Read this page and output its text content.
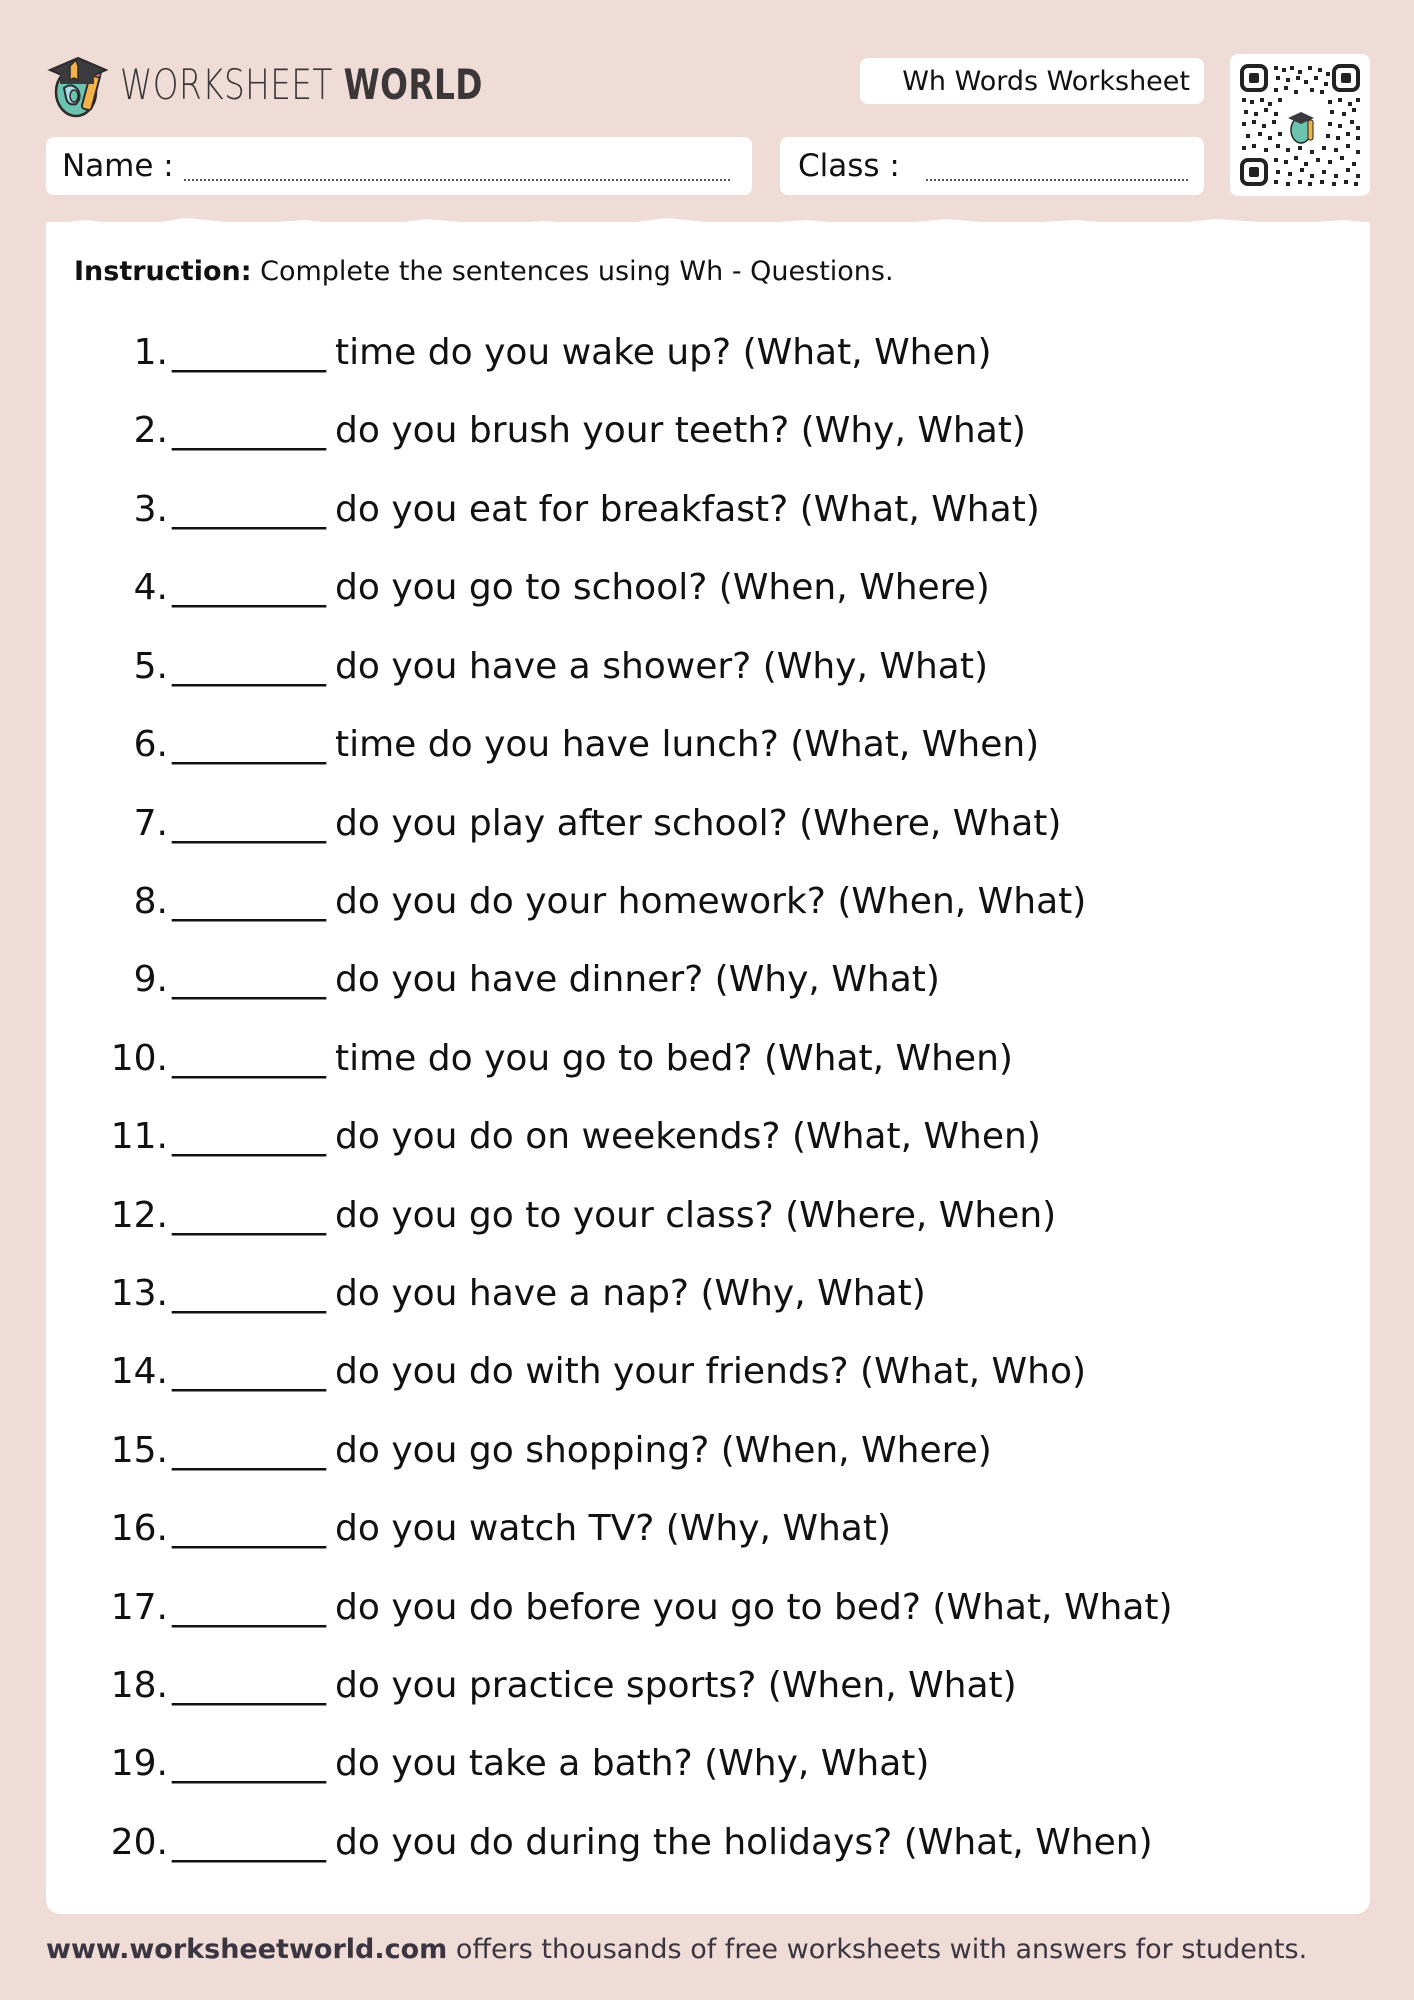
WORKSHEET WORLD	Wh Words Worksheet
Name :	Class :
Instruction: Complete the sentences using Wh - Questions.
1. _________ time do you wake up? (What, When)
2. _________ do you brush your teeth? (Why, What)
3. _________ do you eat for breakfast? (What, What)
4. _________ do you go to school? (When, Where)
5. _________ do you have a shower? (Why, What)
6. _________ time do you have lunch? (What, When)
7. _________ do you play after school? (Where, What)
8. _________ do you do your homework? (When, What)
9. _________ do you have dinner? (Why, What)
10. _________ time do you go to bed? (What, When)
11. _________ do you do on weekends? (What, When)
12. _________ do you go to your class? (Where, When)
13. _________ do you have a nap? (Why, What)
14. _________ do you do with your friends? (What, Who)
15. _________ do you go shopping? (When, Where)
16. _________ do you watch TV? (Why, What)
17. _________ do you do before you go to bed? (What, What)
18. _________ do you practice sports? (When, What)
19. _________ do you take a bath? (Why, What)
20. _________ do you do during the holidays? (What, When)
www.worksheetworld.com offers thousands of free worksheets with answers for students.
